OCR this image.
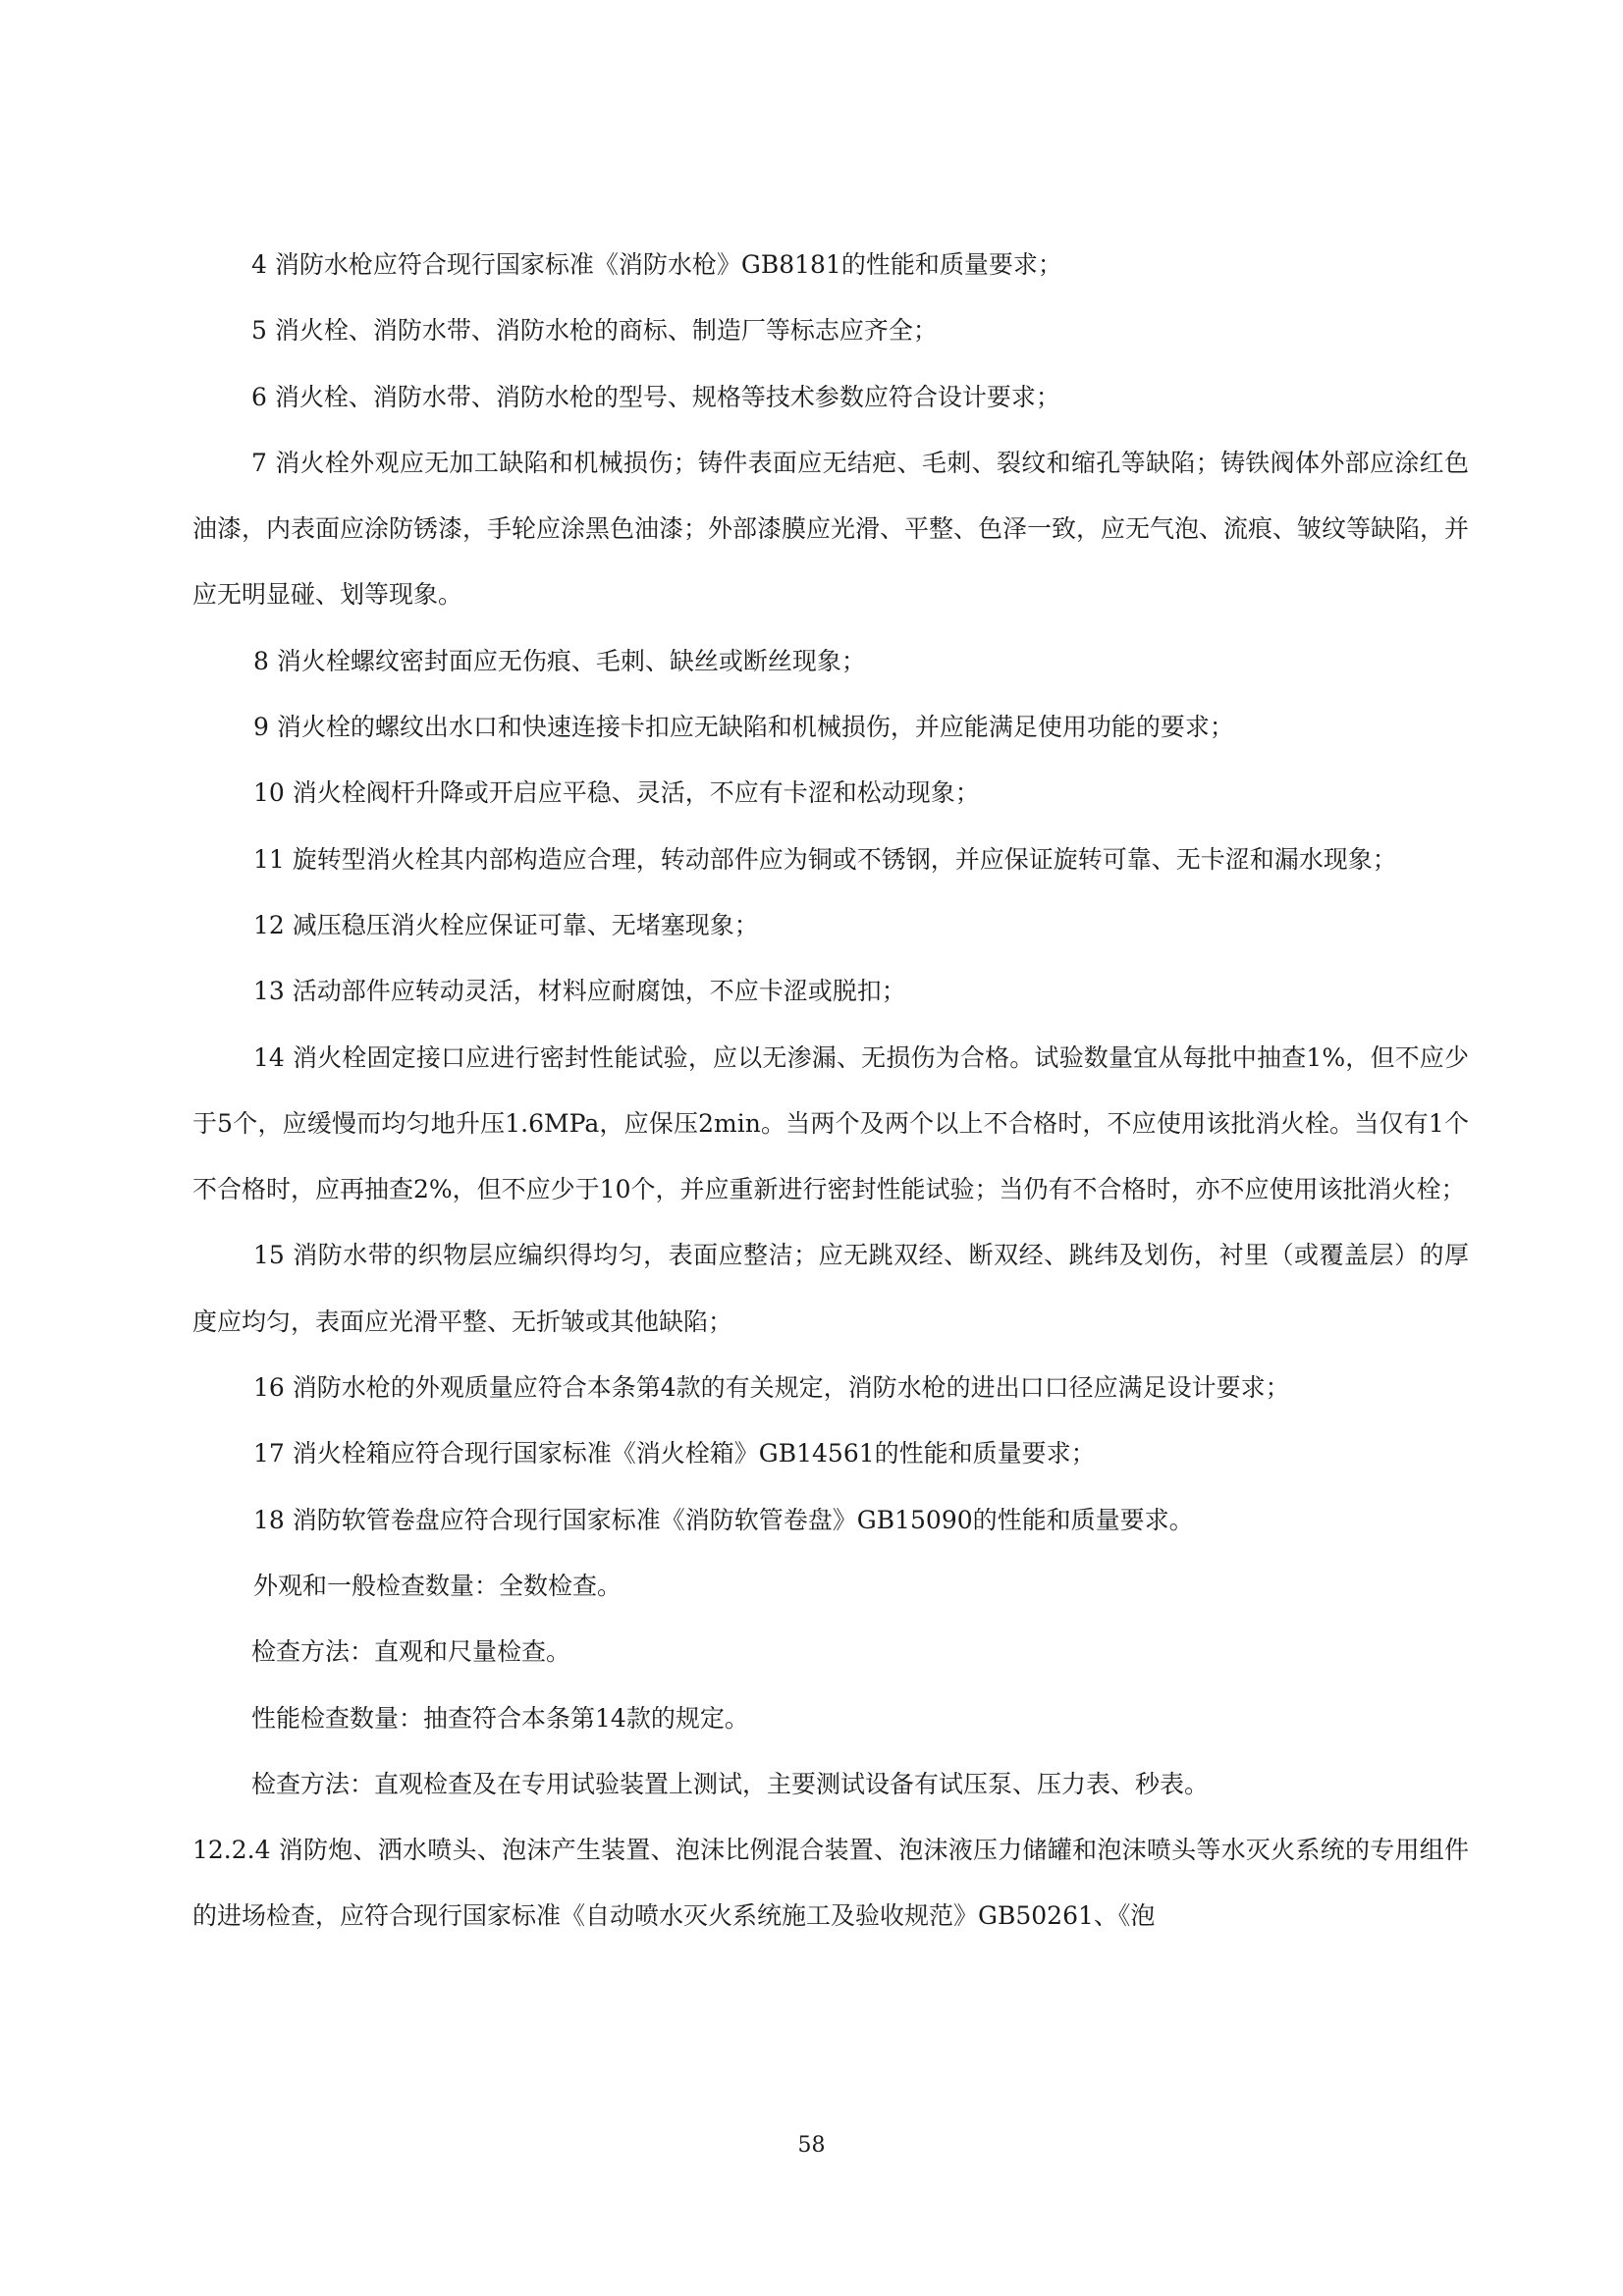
4 消防水枪应符合现行国家标准《消防水枪》GB8181的性能和质量要求；

5 消火栓、消防水带、消防水枪的商标、制造厂等标志应齐全；

6 消火栓、消防水带、消防水枪的型号、规格等技术参数应符合设计要求；

7 消火栓外观应无加工缺陷和机械损伤；铸件表面应无结疤、毛刺、裂纹和缩孔等缺陷；铸铁阀体外部应涂红色油漆，内表面应涂防锈漆，手轮应涂黑色油漆；外部漆膜应光滑、平整、色泽一致，应无气泡、流痕、皱纹等缺陷，并应无明显碰、划等现象。

8 消火栓螺纹密封面应无伤痕、毛刺、缺丝或断丝现象；

9 消火栓的螺纹出水口和快速连接卡扣应无缺陷和机械损伤，并应能满足使用功能的要求；

10 消火栓阀杆升降或开启应平稳、灵活，不应有卡涩和松动现象；

11 旋转型消火栓其内部构造应合理，转动部件应为铜或不锈钢，并应保证旋转可靠、无卡涩和漏水现象；

12 减压稳压消火栓应保证可靠、无堵塞现象；

13 活动部件应转动灵活，材料应耐腐蚀，不应卡涩或脱扣；

14 消火栓固定接口应进行密封性能试验，应以无渗漏、无损伤为合格。试验数量宜从每批中抽查1%，但不应少于5个，应缓慢而均匀地升压1.6MPa，应保压2min。当两个及两个以上不合格时，不应使用该批消火栓。当仅有1个不合格时，应再抽查2%，但不应少于10个，并应重新进行密封性能试验；当仍有不合格时，亦不应使用该批消火栓；

15 消防水带的织物层应编织得均匀，表面应整洁；应无跳双经、断双经、跳纬及划伤，衬里（或覆盖层）的厚度应均匀，表面应光滑平整、无折皱或其他缺陷；

16 消防水枪的外观质量应符合本条第4款的有关规定，消防水枪的进出口口径应满足设计要求；

17 消火栓箱应符合现行国家标准《消火栓箱》GB14561的性能和质量要求；

18 消防软管卷盘应符合现行国家标准《消防软管卷盘》GB15090的性能和质量要求。

外观和一般检查数量：全数检查。

检查方法：直观和尺量检查。

性能检查数量：抽查符合本条第14款的规定。

检查方法：直观检查及在专用试验装置上测试，主要测试设备有试压泵、压力表、秒表。

12.2.4 消防炮、洒水喷头、泡沫产生装置、泡沫比例混合装置、泡沫液压力储罐和泡沫喷头等水灭火系统的专用组件的进场检查，应符合现行国家标准《自动喷水灭火系统施工及验收规范》GB50261、《泡

58
